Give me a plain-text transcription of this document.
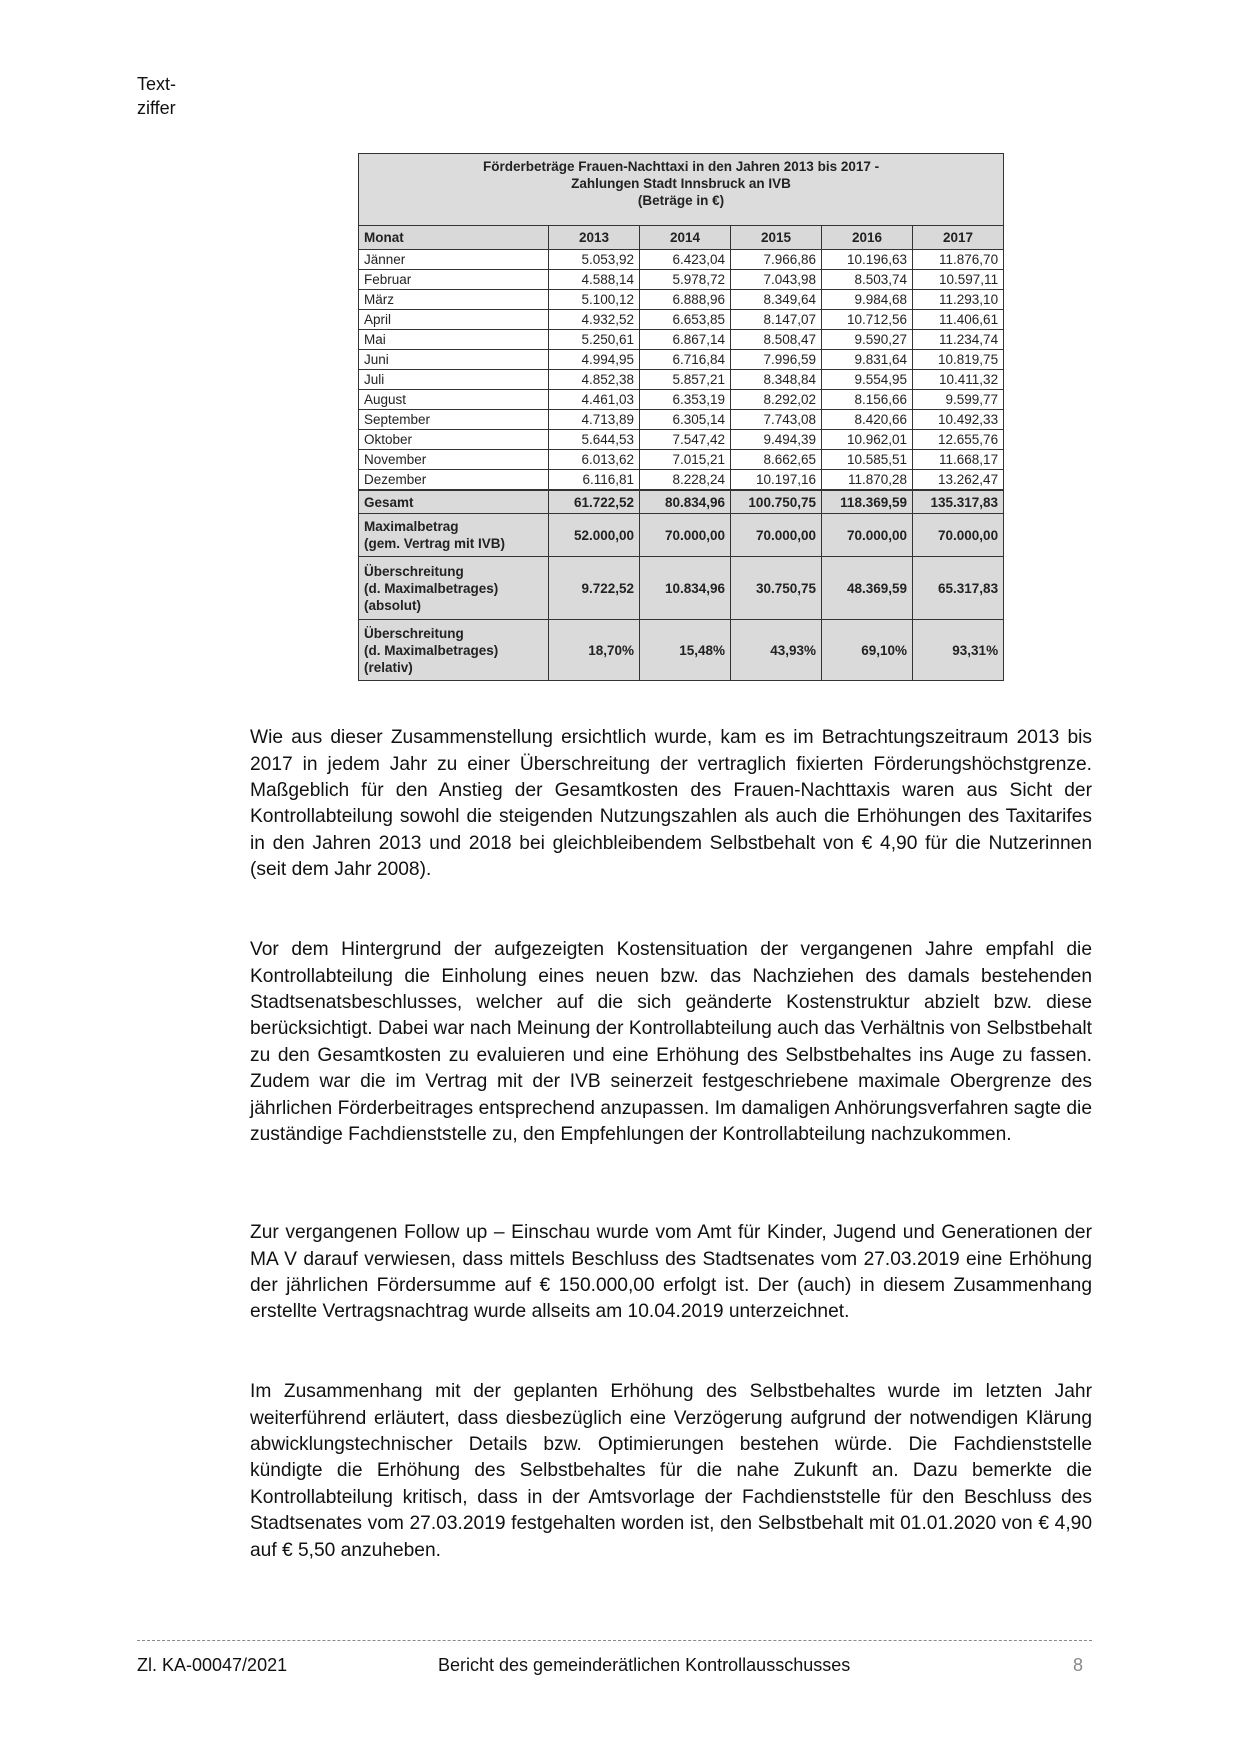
Text-
ziffer
Förderbeträge Frauen-Nachttaxi in den Jahren 2013 bis 2017 -
Zahlungen Stadt Innsbruck an IVB
(Beträge in €)					

Monat	2013	2014	2015	2016	2017
Jänner	5.053,92	6.423,04	7.966,86	10.196,63	11.876,70
Februar	4.588,14	5.978,72	7.043,98	8.503,74	10.597,11
März	5.100,12	6.888,96	8.349,64	9.984,68	11.293,10
April	4.932,52	6.653,85	8.147,07	10.712,56	11.406,61
Mai	5.250,61	6.867,14	8.508,47	9.590,27	11.234,74
Juni	4.994,95	6.716,84	7.996,59	9.831,64	10.819,75
Juli	4.852,38	5.857,21	8.348,84	9.554,95	10.411,32
August	4.461,03	6.353,19	8.292,02	8.156,66	9.599,77
September	4.713,89	6.305,14	7.743,08	8.420,66	10.492,33
Oktober	5.644,53	7.547,42	9.494,39	10.962,01	12.655,76
November	6.013,62	7.015,21	8.662,65	10.585,51	11.668,17
Dezember	6.116,81	8.228,24	10.197,16	11.870,28	13.262,47
Gesamt	61.722,52	80.834,96	100.750,75	118.369,59	135.317,83

Maximalbetrag
(gem. Vertrag mit IVB)	52.000,00	70.000,00	70.000,00	70.000,00	70.000,00

Überschreitung
(d. Maximalbetrages)
(absolut)	9.722,52	10.834,96	30.750,75	48.369,59	65.317,83

Überschreitung
(d. Maximalbetrages)
(relativ)	18,70%	15,48%	43,93%	69,10%	93,31%

Wie aus dieser Zusammenstellung ersichtlich wurde, kam es im Betrachtungszeitraum 2013 bis 2017 in jedem Jahr zu einer Überschreitung der vertraglich fixierten Förderungshöchstgrenze. Maßgeblich für den Anstieg der Gesamtkosten des Frauen-Nachttaxis waren aus Sicht der Kontrollabteilung sowohl die steigenden Nutzungszahlen als auch die Erhöhungen des Taxitarifes in den Jahren 2013 und 2018 bei gleichbleibendem Selbstbehalt von € 4,90 für die Nutzerinnen (seit dem Jahr 2008).

Vor dem Hintergrund der aufgezeigten Kostensituation der vergangenen Jahre empfahl die Kontrollabteilung die Einholung eines neuen bzw. das Nachziehen des damals bestehenden Stadtsenatsbeschlusses, welcher auf die sich geänderte Kostenstruktur abzielt bzw. diese berücksichtigt. Dabei war nach Meinung der Kontrollabteilung auch das Verhältnis von Selbstbehalt zu den Gesamtkosten zu evaluieren und eine Erhöhung des Selbstbehaltes ins Auge zu fassen. Zudem war die im Vertrag mit der IVB seinerzeit festgeschriebene maximale Obergrenze des jährlichen Förderbeitrages entsprechend anzupassen. Im damaligen Anhörungsverfahren sagte die zuständige Fachdienststelle zu, den Empfehlungen der Kontrollabteilung nachzukommen.

Zur vergangenen Follow up – Einschau wurde vom Amt für Kinder, Jugend und Generationen der MA V darauf verwiesen, dass mittels Beschluss des Stadtsenates vom 27.03.2019 eine Erhöhung der jährlichen Fördersumme auf € 150.000,00 erfolgt ist. Der (auch) in diesem Zusammenhang erstellte Vertragsnachtrag wurde allseits am 10.04.2019 unterzeichnet.

Im Zusammenhang mit der geplanten Erhöhung des Selbstbehaltes wurde im letzten Jahr weiterführend erläutert, dass diesbezüglich eine Verzögerung aufgrund der notwendigen Klärung abwicklungstechnischer Details bzw. Optimierungen bestehen würde. Die Fachdienststelle kündigte die Erhöhung des Selbstbehaltes für die nahe Zukunft an. Dazu bemerkte die Kontrollabteilung kritisch, dass in der Amtsvorlage der Fachdienststelle für den Beschluss des Stadtsenates vom 27.03.2019 festgehalten worden ist, den Selbstbehalt mit 01.01.2020 von € 4,90 auf € 5,50 anzuheben.

Zl. KA-00047/2021	Bericht des gemeinderätlichen Kontrollausschusses	8
